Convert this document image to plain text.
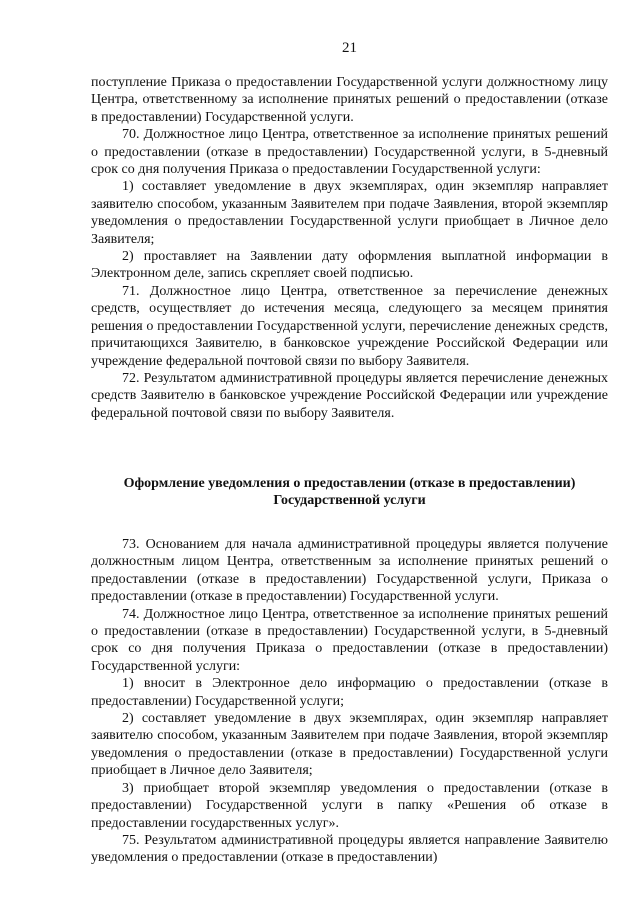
21

поступление Приказа о предоставлении Государственной услуги должностному лицу Центра, ответственному за исполнение принятых решений о предоставлении (отказе в предоставлении) Государственной услуги.

70. Должностное лицо Центра, ответственное за исполнение принятых решений о предоставлении (отказе в предоставлении) Государственной услуги, в 5-дневный срок со дня получения Приказа о предоставлении Государственной услуги:

1) составляет уведомление в двух экземплярах, один экземпляр направляет заявителю способом, указанным Заявителем при подаче Заявления, второй экземпляр уведомления о предоставлении Государственной услуги приобщает в Личное дело Заявителя;

2) проставляет на Заявлении дату оформления выплатной информации в Электронном деле, запись скрепляет своей подписью.

71. Должностное лицо Центра, ответственное за перечисление денежных средств, осуществляет до истечения месяца, следующего за месяцем принятия решения о предоставлении Государственной услуги, перечисление денежных средств, причитающихся Заявителю, в банковское учреждение Российской Федерации или учреждение федеральной почтовой связи по выбору Заявителя.

72. Результатом административной процедуры является перечисление денежных средств Заявителю в банковское учреждение Российской Федерации или учреждение федеральной почтовой связи по выбору Заявителя.

Оформление уведомления о предоставлении (отказе в предоставлении)
Государственной услуги

73. Основанием для начала административной процедуры является получение должностным лицом Центра, ответственным за исполнение принятых решений о предоставлении (отказе в предоставлении) Государственной услуги, Приказа о предоставлении (отказе в предоставлении) Государственной услуги.

74. Должностное лицо Центра, ответственное за исполнение принятых решений о предоставлении (отказе в предоставлении) Государственной услуги, в 5-дневный срок со дня получения Приказа о предоставлении (отказе в предоставлении) Государственной услуги:

1) вносит в Электронное дело информацию о предоставлении (отказе в предоставлении) Государственной услуги;

2) составляет уведомление в двух экземплярах, один экземпляр направляет заявителю способом, указанным Заявителем при подаче Заявления, второй экземпляр уведомления о предоставлении (отказе в предоставлении) Государственной услуги приобщает в Личное дело Заявителя;

3) приобщает второй экземпляр уведомления о предоставлении (отказе в предоставлении) Государственной услуги в папку «Решения об отказе в предоставлении государственных услуг».

75. Результатом административной процедуры является направление Заявителю уведомления о предоставлении (отказе в предоставлении)
